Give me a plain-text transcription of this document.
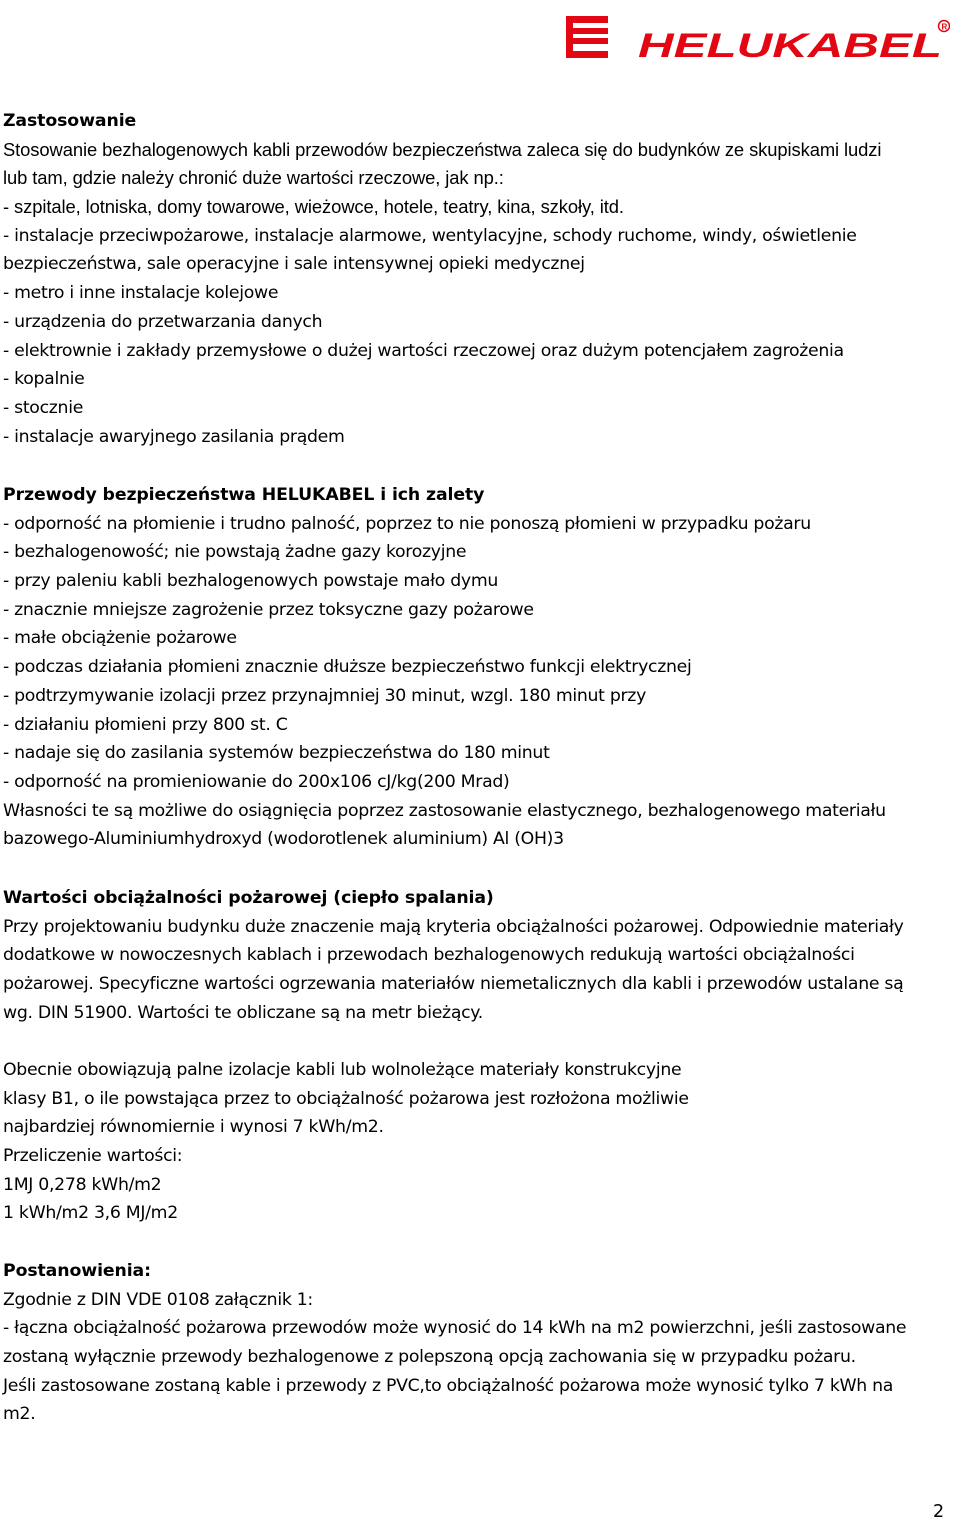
HELUKABEL R
Zastosowanie
Stosowanie bezhalogenowych kabli przewodów bezpieczeństwa zaleca się do budynków ze skupiskami ludzi
lub tam, gdzie należy chronić duże wartości rzeczowe, jak np.:
- szpitale, lotniska, domy towarowe, wieżowce, hotele, teatry, kina, szkoły, itd.
- instalacje przeciwpożarowe, instalacje alarmowe, wentylacyjne, schody ruchome, windy, oświetlenie
bezpieczeństwa, sale operacyjne i sale intensywnej opieki medycznej
- metro i inne instalacje kolejowe
- urządzenia do przetwarzania danych
- elektrownie i zakłady przemysłowe o dużej wartości rzeczowej oraz dużym potencjałem zagrożenia
- kopalnie
- stocznie
- instalacje awaryjnego zasilania prądem
Przewody bezpieczeństwa HELUKABEL i ich zalety
- odporność na płomienie i trudno palność, poprzez to nie ponoszą płomieni w przypadku pożaru
- bezhalogenowość; nie powstają żadne gazy korozyjne
- przy paleniu kabli bezhalogenowych powstaje mało dymu
- znacznie mniejsze zagrożenie przez toksyczne gazy pożarowe
- małe obciążenie pożarowe
- podczas działania płomieni znacznie dłuższe bezpieczeństwo funkcji elektrycznej
- podtrzymywanie izolacji przez przynajmniej 30 minut, wzgl. 180 minut przy
- działaniu płomieni przy 800 st. C
- nadaje się do zasilania systemów bezpieczeństwa do 180 minut
- odporność na promieniowanie do 200x106 cJ/kg(200 Mrad)
Własności te są możliwe do osiągnięcia poprzez zastosowanie elastycznego, bezhalogenowego materiału
bazowego-Aluminiumhydroxyd (wodorotlenek aluminium) Al (OH)3
Wartości obciążalności pożarowej (ciepło spalania)
Przy projektowaniu budynku duże znaczenie mają kryteria obciążalności pożarowej. Odpowiednie materiały
dodatkowe w nowoczesnych kablach i przewodach bezhalogenowych redukują wartości obciążalności
pożarowej. Specyficzne wartości ogrzewania materiałów niemetalicznych dla kabli i przewodów ustalane są
wg. DIN 51900. Wartości te obliczane są na metr bieżący.
Obecnie obowiązują palne izolacje kabli lub wolnoleżące materiały konstrukcyjne
klasy B1, o ile powstająca przez to obciążalność pożarowa jest rozłożona możliwie
najbardziej równomiernie i wynosi 7 kWh/m2.
Przeliczenie wartości:
1MJ 0,278 kWh/m2
1 kWh/m2 3,6 MJ/m2
Postanowienia:
Zgodnie z DIN VDE 0108 załącznik 1:
- łączna obciążalność pożarowa przewodów może wynosić do 14 kWh na m2 powierzchni, jeśli zastosowane
zostaną wyłącznie przewody bezhalogenowe z polepszoną opcją zachowania się w przypadku pożaru.
Jeśli zastosowane zostaną kable i przewody z PVC,to obciążalność pożarowa może wynosić tylko 7 kWh na
m2.
2
